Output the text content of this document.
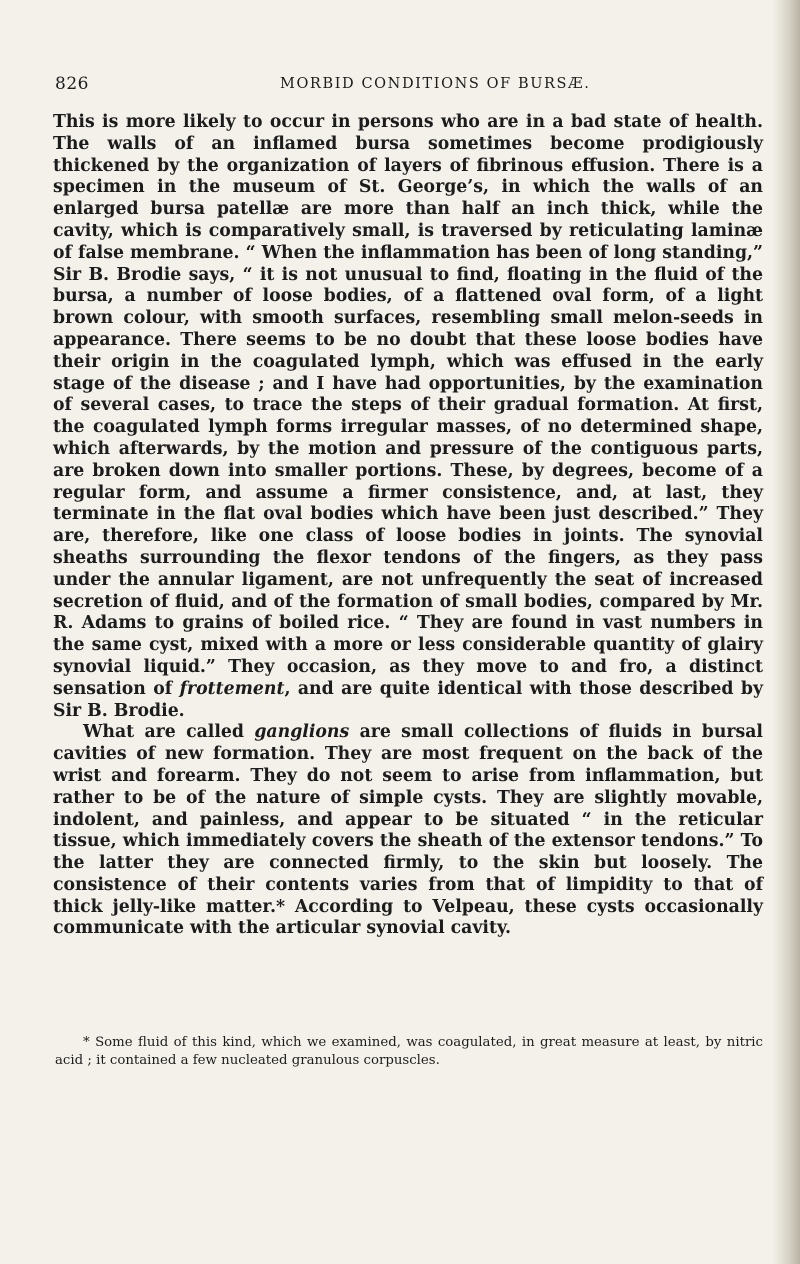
826	MORBID CONDITIONS OF BURSÆ.

This is more likely to occur in persons who are in a bad state of health. The walls of an inflamed bursa sometimes become prodigiously thickened by the organization of layers of fibrinous effusion. There is a specimen in the museum of St. George’s, in which the walls of an enlarged bursa patellæ are more than half an inch thick, while the cavity, which is comparatively small, is traversed by reticulating laminæ of false membrane. “ When the inflammation has been of long standing,” Sir B. Brodie says, “ it is not unusual to find, floating in the fluid of the bursa, a number of loose bodies, of a flattened oval form, of a light brown colour, with smooth surfaces, resembling small melon-seeds in appearance. There seems to be no doubt that these loose bodies have their origin in the coagulated lymph, which was effused in the early stage of the disease ; and I have had opportunities, by the examination of several cases, to trace the steps of their gradual formation. At first, the coagulated lymph forms irregular masses, of no determined shape, which afterwards, by the motion and pressure of the contiguous parts, are broken down into smaller portions. These, by degrees, become of a regular form, and assume a firmer consistence, and, at last, they terminate in the flat oval bodies which have been just described.” They are, therefore, like one class of loose bodies in joints. The synovial sheaths surrounding the flexor tendons of the fingers, as they pass under the annular ligament, are not unfrequently the seat of increased secretion of fluid, and of the formation of small bodies, compared by Mr. R. Adams to grains of boiled rice. “ They are found in vast numbers in the same cyst, mixed with a more or less considerable quantity of glairy synovial liquid.” They occasion, as they move to and fro, a distinct sensation of frottement, and are quite identical with those described by Sir B. Brodie.

What are called ganglions are small collections of fluids in bursal cavities of new formation. They are most frequent on the back of the wrist and forearm. They do not seem to arise from inflammation, but rather to be of the nature of simple cysts. They are slightly movable, indolent, and painless, and appear to be situated “ in the reticular tissue, which immediately covers the sheath of the extensor tendons.” To the latter they are connected firmly, to the skin but loosely. The consistence of their contents varies from that of limpidity to that of thick jelly-like matter.* According to Velpeau, these cysts occasionally communicate with the articular synovial cavity.

* Some fluid of this kind, which we examined, was coagulated, in great measure at least, by nitric acid ; it contained a few nucleated granulous corpuscles.
